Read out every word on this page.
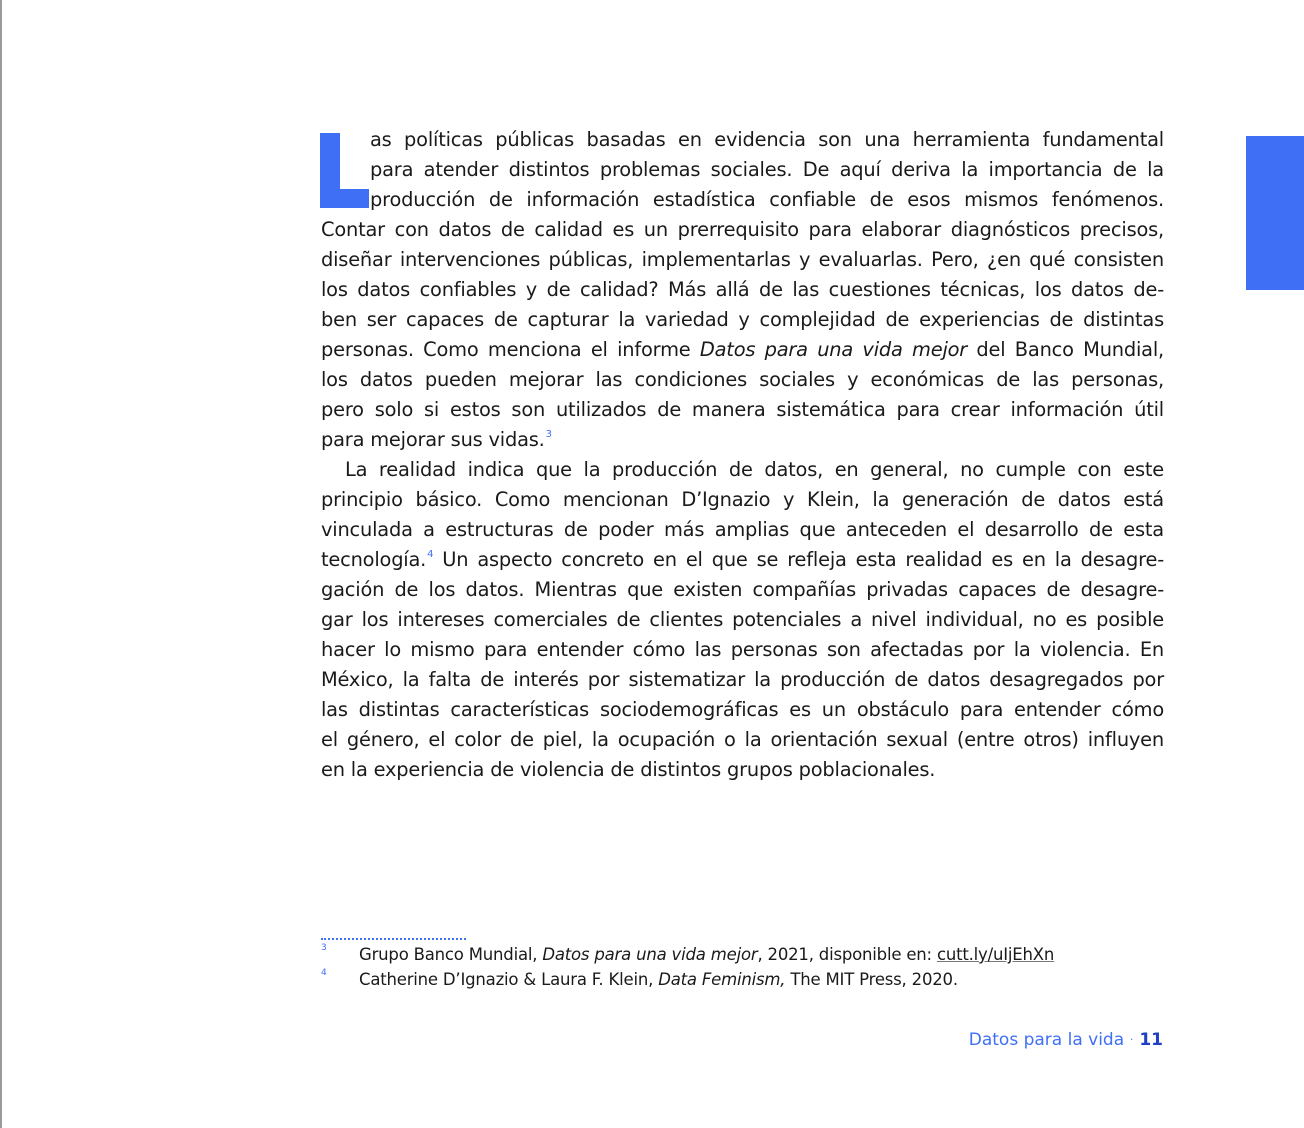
as políticas públicas basadas en evidencia son una herramienta fundamental
para atender distintos problemas sociales. De aquí deriva la importancia de la
producción de información estadística confiable de esos mismos fenómenos.
Contar con datos de calidad es un prerrequisito para elaborar diagnósticos precisos,
diseñar intervenciones públicas, implementarlas y evaluarlas. Pero, ¿en qué consisten
los datos confiables y de calidad? Más allá de las cuestiones técnicas, los datos de-
ben ser capaces de capturar la variedad y complejidad de experiencias de distintas
personas. Como menciona el informe Datos para una vida mejor del Banco Mundial,
los datos pueden mejorar las condiciones sociales y económicas de las personas,
pero solo si estos son utilizados de manera sistemática para crear información útil
para mejorar sus vidas.$^3$
La realidad indica que la producción de datos, en general, no cumple con este
principio básico. Como mencionan D’Ignazio y Klein, la generación de datos está
vinculada a estructuras de poder más amplias que anteceden el desarrollo de esta
tecnología.$^4$ Un aspecto concreto en el que se refleja esta realidad es en la desagre-
gación de los datos. Mientras que existen compañías privadas capaces de desagre-
gar los intereses comerciales de clientes potenciales a nivel individual, no es posible
hacer lo mismo para entender cómo las personas son afectadas por la violencia. En
México, la falta de interés por sistematizar la producción de datos desagregados por
las distintas características sociodemográficas es un obstáculo para entender cómo
el género, el color de piel, la ocupación o la orientación sexual (entre otros) influyen
en la experiencia de violencia de distintos grupos poblacionales.
3 Grupo Banco Mundial, Datos para una vida mejor, 2021, disponible en: cutt.ly/uIjEhXn
4 Catherine D’Ignazio & Laura F. Klein, Data Feminism, The MIT Press, 2020.
Datos para la vida · 11
